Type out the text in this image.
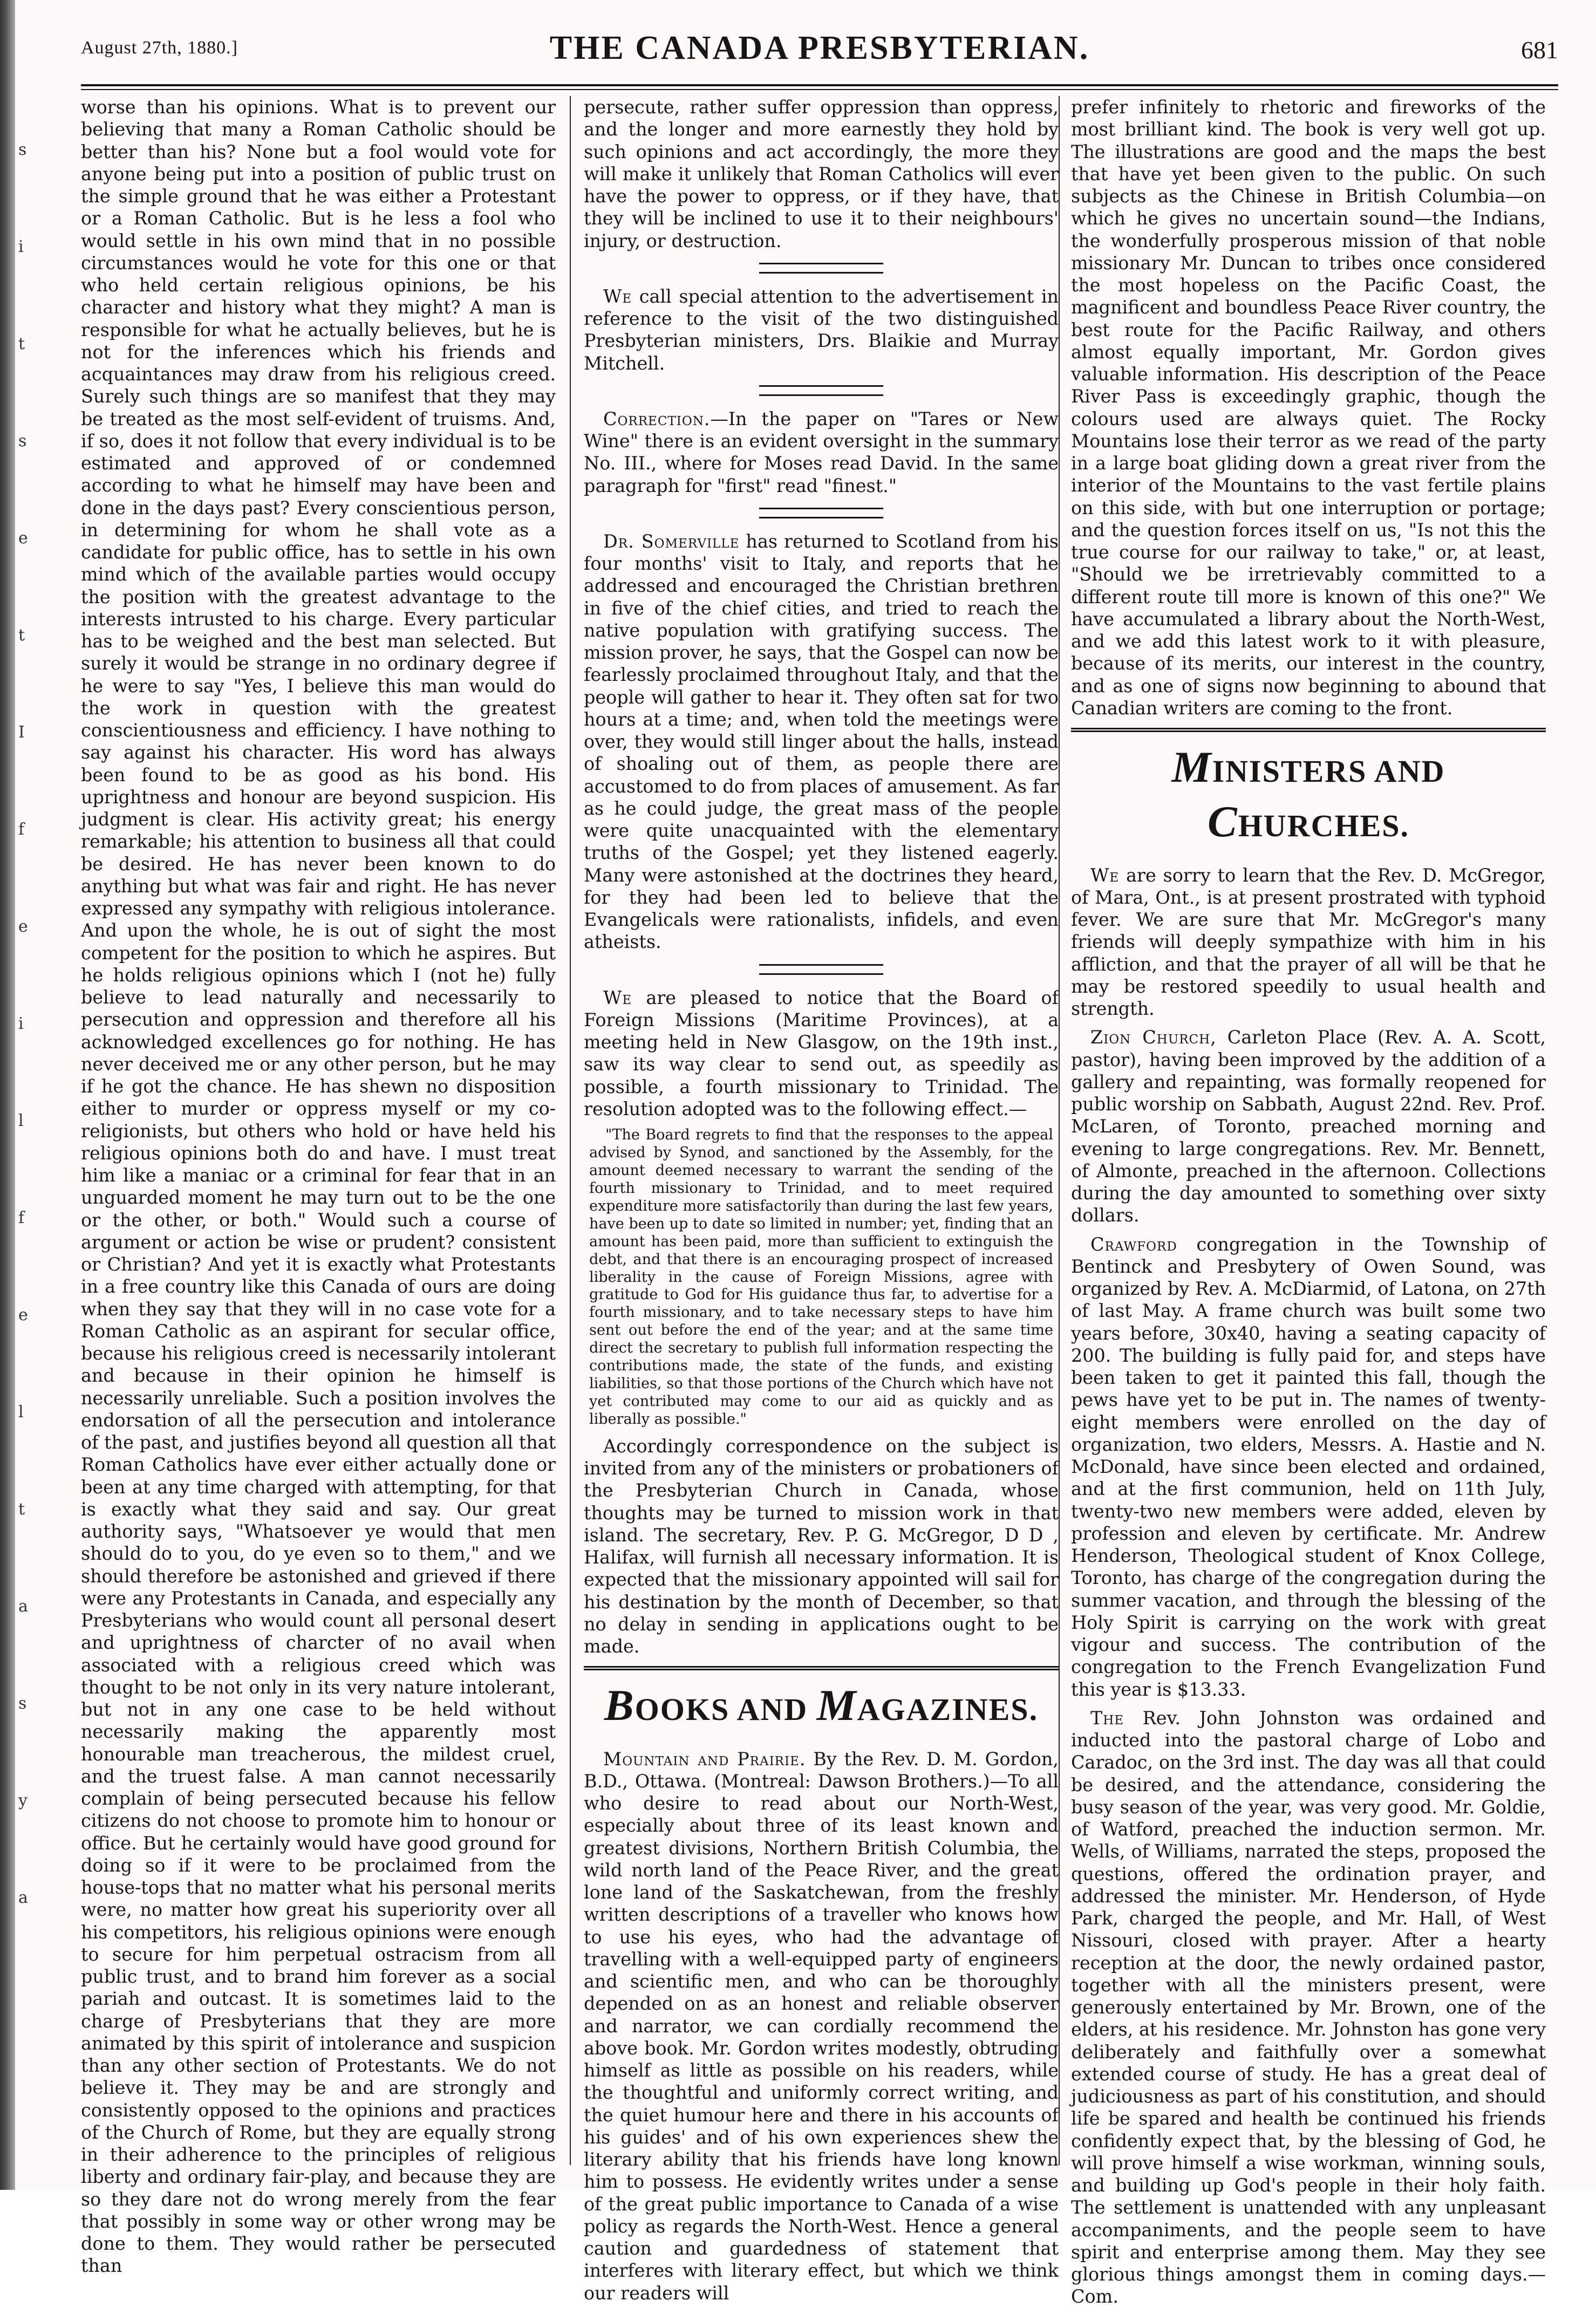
s
i
t
s
e
t
I
f
e
i
l
f
e
l
t
a
s
y
a
August 27th, 1880.]	THE CANADA PRESBYTERIAN.	681

worse than his opinions. What is to prevent our believing that many a Roman Catholic should be better than his? None but a fool would vote for anyone being put into a position of public trust on the simple ground that he was either a Protestant or a Roman Catholic. But is he less a fool who would settle in his own mind that in no possible circumstances would he vote for this one or that who held certain religious opinions, be his character and history what they might? A man is responsible for what he actually believes, but he is not for the inferences which his friends and acquaintances may draw from his religious creed. Surely such things are so manifest that they may be treated as the most self-evident of truisms. And, if so, does it not follow that every individual is to be estimated and approved of or condemned according to what he himself may have been and done in the days past? Every conscientious person, in determining for whom he shall vote as a candidate for public office, has to settle in his own mind which of the available parties would occupy the position with the greatest advantage to the interests intrusted to his charge. Every particular has to be weighed and the best man selected. But surely it would be strange in no ordinary degree if he were to say "Yes, I believe this man would do the work in question with the greatest conscientiousness and efficiency. I have nothing to say against his character. His word has always been found to be as good as his bond. His uprightness and honour are beyond suspicion. His judgment is clear. His activity great; his energy remarkable; his attention to business all that could be desired. He has never been known to do anything but what was fair and right. He has never expressed any sympathy with religious intolerance. And upon the whole, he is out of sight the most competent for the position to which he aspires. But he holds religious opinions which I (not he) fully believe to lead naturally and necessarily to persecution and oppression and therefore all his acknowledged excellences go for nothing. He has never deceived me or any other person, but he may if he got the chance. He has shewn no disposition either to murder or oppress myself or my co-religionists, but others who hold or have held his religious opinions both do and have. I must treat him like a maniac or a criminal for fear that in an unguarded moment he may turn out to be the one or the other, or both." Would such a course of argument or action be wise or prudent? consistent or Christian? And yet it is exactly what Protestants in a free country like this Canada of ours are doing when they say that they will in no case vote for a Roman Catholic as an aspirant for secular office, because his religious creed is necessarily intolerant and because in their opinion he himself is necessarily unreliable. Such a position involves the endorsation of all the persecution and intolerance of the past, and justifies beyond all question all that Roman Catholics have ever either actually done or been at any time charged with attempting, for that is exactly what they said and say. Our great authority says, "Whatsoever ye would that men should do to you, do ye even so to them," and we should therefore be astonished and grieved if there were any Protestants in Canada, and especially any Presbyterians who would count all personal desert and uprightness of charcter of no avail when associated with a religious creed which was thought to be not only in its very nature intolerant, but not in any one case to be held without necessarily making the apparently most honourable man treacherous, the mildest cruel, and the truest false. A man cannot necessarily complain of being persecuted because his fellow citizens do not choose to promote him to honour or office. But he certainly would have good ground for doing so if it were to be proclaimed from the house-tops that no matter what his personal merits were, no matter how great his superiority over all his competitors, his religious opinions were enough to secure for him perpetual ostracism from all public trust, and to brand him forever as a social pariah and outcast. It is sometimes laid to the charge of Presbyterians that they are more animated by this spirit of intolerance and suspicion than any other section of Protestants. We do not believe it. They may be and are strongly and consistently opposed to the opinions and practices of the Church of Rome, but they are equally strong in their adherence to the principles of religious liberty and ordinary fair-play, and because they are so they dare not do wrong merely from the fear that possibly in some way or other wrong may be done to them. They would rather be persecuted than

persecute, rather suffer oppression than oppress, and the longer and more earnestly they hold by such opinions and act accordingly, the more they will make it unlikely that Roman Catholics will ever have the power to oppress, or if they have, that they will be inclined to use it to their neighbours' injury, or destruction.

We call special attention to the advertisement in reference to the visit of the two distinguished Presbyterian ministers, Drs. Blaikie and Murray Mitchell.

Correction.—In the paper on "Tares or New Wine" there is an evident oversight in the summary No. III., where for Moses read David. In the same paragraph for "first" read "finest."

Dr. Somerville has returned to Scotland from his four months' visit to Italy, and reports that he addressed and encouraged the Christian brethren in five of the chief cities, and tried to reach the native population with gratifying success. The mission prover, he says, that the Gospel can now be fearlessly proclaimed throughout Italy, and that the people will gather to hear it. They often sat for two hours at a time; and, when told the meetings were over, they would still linger about the halls, instead of shoaling out of them, as people there are accustomed to do from places of amusement. As far as he could judge, the great mass of the people were quite unacquainted with the elementary truths of the Gospel; yet they listened eagerly. Many were astonished at the doctrines they heard, for they had been led to believe that the Evangelicals were rationalists, infidels, and even atheists.

We are pleased to notice that the Board of Foreign Missions (Maritime Provinces), at a meeting held in New Glasgow, on the 19th inst., saw its way clear to send out, as speedily as possible, a fourth missionary to Trinidad. The resolution adopted was to the following effect.—

"The Board regrets to find that the responses to the appeal advised by Synod, and sanctioned by the Assembly, for the amount deemed necessary to warrant the sending of the fourth missionary to Trinidad, and to meet required expenditure more satisfactorily than during the last few years, have been up to date so limited in number; yet, finding that an amount has been paid, more than sufficient to extinguish the debt, and that there is an encouraging prospect of increased liberality in the cause of Foreign Missions, agree with gratitude to God for His guidance thus far, to advertise for a fourth missionary, and to take necessary steps to have him sent out before the end of the year; and at the same time direct the secretary to publish full information respecting the contributions made, the state of the funds, and existing liabilities, so that those portions of the Church which have not yet contributed may come to our aid as quickly and as liberally as possible."

Accordingly correspondence on the subject is invited from any of the ministers or probationers of the Presbyterian Church in Canada, whose thoughts may be turned to mission work in that island. The secretary, Rev. P. G. McGregor, D D , Halifax, will furnish all necessary information. It is expected that the missionary appointed will sail for his destination by the month of December, so that no delay in sending in applications ought to be made.

BOOKS AND MAGAZINES.

Mountain and Prairie. By the Rev. D. M. Gordon, B.D., Ottawa. (Montreal: Dawson Brothers.)—To all who desire to read about our North-West, especially about three of its least known and greatest divisions, Northern British Columbia, the wild north land of the Peace River, and the great lone land of the Saskatchewan, from the freshly written descriptions of a traveller who knows how to use his eyes, who had the advantage of travelling with a well-equipped party of engineers and scientific men, and who can be thoroughly depended on as an honest and reliable observer and narrator, we can cordially recommend the above book. Mr. Gordon writes modestly, obtruding himself as little as possible on his readers, while the thoughtful and uniformly correct writing, and the quiet humour here and there in his accounts of his guides' and of his own experiences shew the literary ability that his friends have long known him to possess. He evidently writes under a sense of the great public importance to Canada of a wise policy as regards the North-West. Hence a general caution and guardedness of statement that interferes with literary effect, but which we think our readers will

prefer infinitely to rhetoric and fireworks of the most brilliant kind. The book is very well got up. The illustrations are good and the maps the best that have yet been given to the public. On such subjects as the Chinese in British Columbia—on which he gives no uncertain sound—the Indians, the wonderfully prosperous mission of that noble missionary Mr. Duncan to tribes once considered the most hopeless on the Pacific Coast, the magnificent and boundless Peace River country, the best route for the Pacific Railway, and others almost equally important, Mr. Gordon gives valuable information. His description of the Peace River Pass is exceedingly graphic, though the colours used are always quiet. The Rocky Mountains lose their terror as we read of the party in a large boat gliding down a great river from the interior of the Mountains to the vast fertile plains on this side, with but one interruption or portage; and the question forces itself on us, "Is not this the true course for our railway to take," or, at least, "Should we be irretrievably committed to a different route till more is known of this one?" We have accumulated a library about the North-West, and we add this latest work to it with pleasure, because of its merits, our interest in the country, and as one of signs now beginning to abound that Canadian writers are coming to the front.

MINISTERS AND CHURCHES.

We are sorry to learn that the Rev. D. McGregor, of Mara, Ont., is at present prostrated with typhoid fever. We are sure that Mr. McGregor's many friends will deeply sympathize with him in his affliction, and that the prayer of all will be that he may be restored speedily to usual health and strength.

Zion Church, Carleton Place (Rev. A. A. Scott, pastor), having been improved by the addition of a gallery and repainting, was formally reopened for public worship on Sabbath, August 22nd. Rev. Prof. McLaren, of Toronto, preached morning and evening to large congregations. Rev. Mr. Bennett, of Almonte, preached in the afternoon. Collections during the day amounted to something over sixty dollars.

Crawford congregation in the Township of Bentinck and Presbytery of Owen Sound, was organized by Rev. A. McDiarmid, of Latona, on 27th of last May. A frame church was built some two years before, 30x40, having a seating capacity of 200. The building is fully paid for, and steps have been taken to get it painted this fall, though the pews have yet to be put in. The names of twenty-eight members were enrolled on the day of organization, two elders, Messrs. A. Hastie and N. McDonald, have since been elected and ordained, and at the first communion, held on 11th July, twenty-two new members were added, eleven by profession and eleven by certificate. Mr. Andrew Henderson, Theological student of Knox College, Toronto, has charge of the congregation during the summer vacation, and through the blessing of the Holy Spirit is carrying on the work with great vigour and success. The contribution of the congregation to the French Evangelization Fund this year is $13.33.

The Rev. John Johnston was ordained and inducted into the pastoral charge of Lobo and Caradoc, on the 3rd inst. The day was all that could be desired, and the attendance, considering the busy season of the year, was very good. Mr. Goldie, of Watford, preached the induction sermon. Mr. Wells, of Williams, narrated the steps, proposed the questions, offered the ordination prayer, and addressed the minister. Mr. Henderson, of Hyde Park, charged the people, and Mr. Hall, of West Nissouri, closed with prayer. After a hearty reception at the door, the newly ordained pastor, together with all the ministers present, were generously entertained by Mr. Brown, one of the elders, at his residence. Mr. Johnston has gone very deliberately and faithfully over a somewhat extended course of study. He has a great deal of judiciousness as part of his constitution, and should life be spared and health be continued his friends confidently expect that, by the blessing of God, he will prove himself a wise workman, winning souls, and building up God's people in their holy faith. The settlement is unattended with any unpleasant accompaniments, and the people seem to have spirit and enterprise among them. May they see glorious things amongst them in coming days.—Com.
